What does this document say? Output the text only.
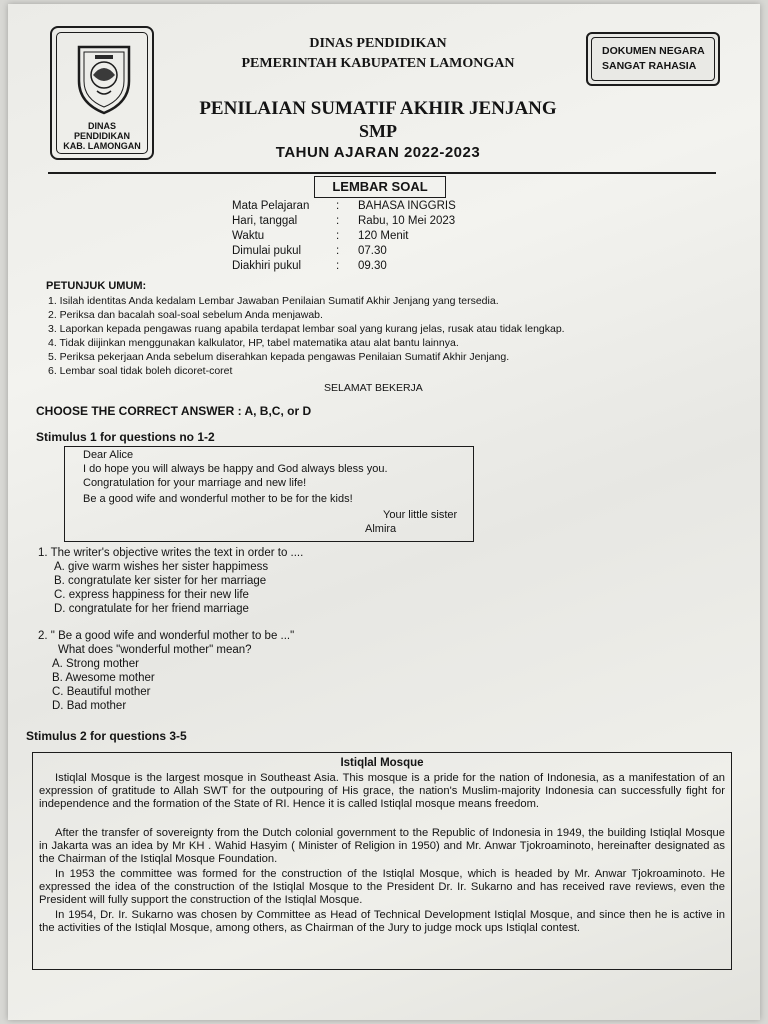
DINAS
PENDIDIKAN
KAB. LAMONGAN
DINAS PENDIDIKAN
PEMERINTAH KABUPATEN LAMONGAN
PENILAIAN SUMATIF AKHIR JENJANG
SMP
TAHUN AJARAN 2022-2023
DOKUMEN NEGARA
SANGAT RAHASIA
LEMBAR SOAL
Mata Pelajaran : BAHASA INGGRIS
Hari, tanggal	: Rabu, 10 Mei 2023
Waktu	: 120 Menit
Dimulai pukul	: 07.30
Diakhiri pukul	: 09.30
PETUNJUK UMUM:
1. Isilah identitas Anda kedalam Lembar Jawaban Penilaian Sumatif Akhir Jenjang yang tersedia.
2. Periksa dan bacalah soal-soal sebelum Anda menjawab.
3. Laporkan kepada pengawas ruang apabila terdapat lembar soal yang kurang jelas, rusak atau tidak lengkap.
4. Tidak diijinkan menggunakan kalkulator, HP, tabel matematika atau alat bantu lainnya.
5. Periksa pekerjaan Anda sebelum diserahkan kepada pengawas Penilaian Sumatif Akhir Jenjang.
6. Lembar soal tidak boleh dicoret-coret
SELAMAT BEKERJA
CHOOSE THE CORRECT ANSWER : A, B,C, or D
Stimulus 1 for questions no 1-2
Dear Alice
I do hope you will always be happy and God always bless you.
Congratulation for your marriage and new life!
Be a good wife and wonderful mother to be for the kids!
Your little sister
Almira
1. The writer's objective writes the text in order to ....
A. give warm wishes her sister happimess
B. congratulate ker sister for her marriage
C. express happiness for their new life
D. congratulate for her friend marriage
2. " Be a good wife and wonderful mother to be ..."
What does "wonderful mother" mean?
A. Strong mother
B. Awesome mother
C. Beautiful mother
D. Bad mother
Stimulus 2 for questions 3-5
Istiqlal Mosque
Istiqlal Mosque is the largest mosque in Southeast Asia. This mosque is a pride for the nation of Indonesia, as a manifestation of an expression of gratitude to Allah SWT for the outpouring of His grace, the nation's Muslim-majority Indonesia can successfully fight for independence and the formation of the State of RI. Hence it is called Istiqlal mosque means freedom.
After the transfer of sovereignty from the Dutch colonial government to the Republic of Indonesia in 1949, the building Istiqlal Mosque in Jakarta was an idea by Mr KH . Wahid Hasyim ( Minister of Religion in 1950) and Mr. Anwar Tjokroaminoto, hereinafter designated as the Chairman of the Istiqlal Mosque Foundation.
In 1953 the committee was formed for the construction of the Istiqlal Mosque, which is headed by Mr. Anwar Tjokroaminoto. He expressed the idea of the construction of the Istiqlal Mosque to the President Dr. Ir. Sukarno and has received rave reviews, even the President will fully support the construction of the Istiqlal Mosque.
In 1954, Dr. Ir. Sukarno was chosen by Committee as Head of Technical Development Istiqlal Mosque, and since then he is active in the activities of the Istiqlal Mosque, among others, as Chairman of the Jury to judge mock ups Istiqlal contest.
